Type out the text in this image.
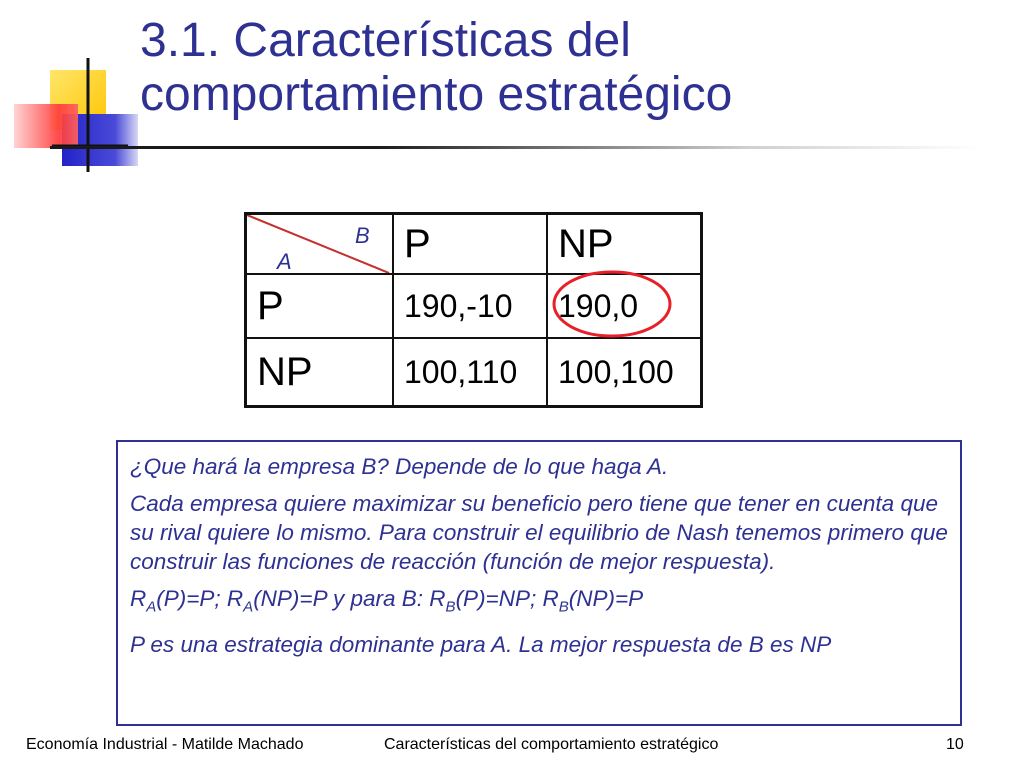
3.1. Características del
comportamiento estratégico
B
A	P	NP
P	190,-10	190,0
NP	100,110	100,100

¿Que hará la empresa B? Depende de lo que haga A.

Cada empresa quiere maximizar su beneficio pero tiene que tener en cuenta que su rival quiere lo mismo. Para construir el equilibrio de Nash tenemos primero que construir las funciones de reacción (función de mejor respuesta).

$R_A(P)=P$; $R_A(NP)=P$ y para B: $R_B(P)=NP$; $R_B(NP)=P$

P es una estrategia dominante para A. La mejor respuesta de B es NP

Economía Industrial - Matilde Machado	Características del comportamiento estratégico	10
